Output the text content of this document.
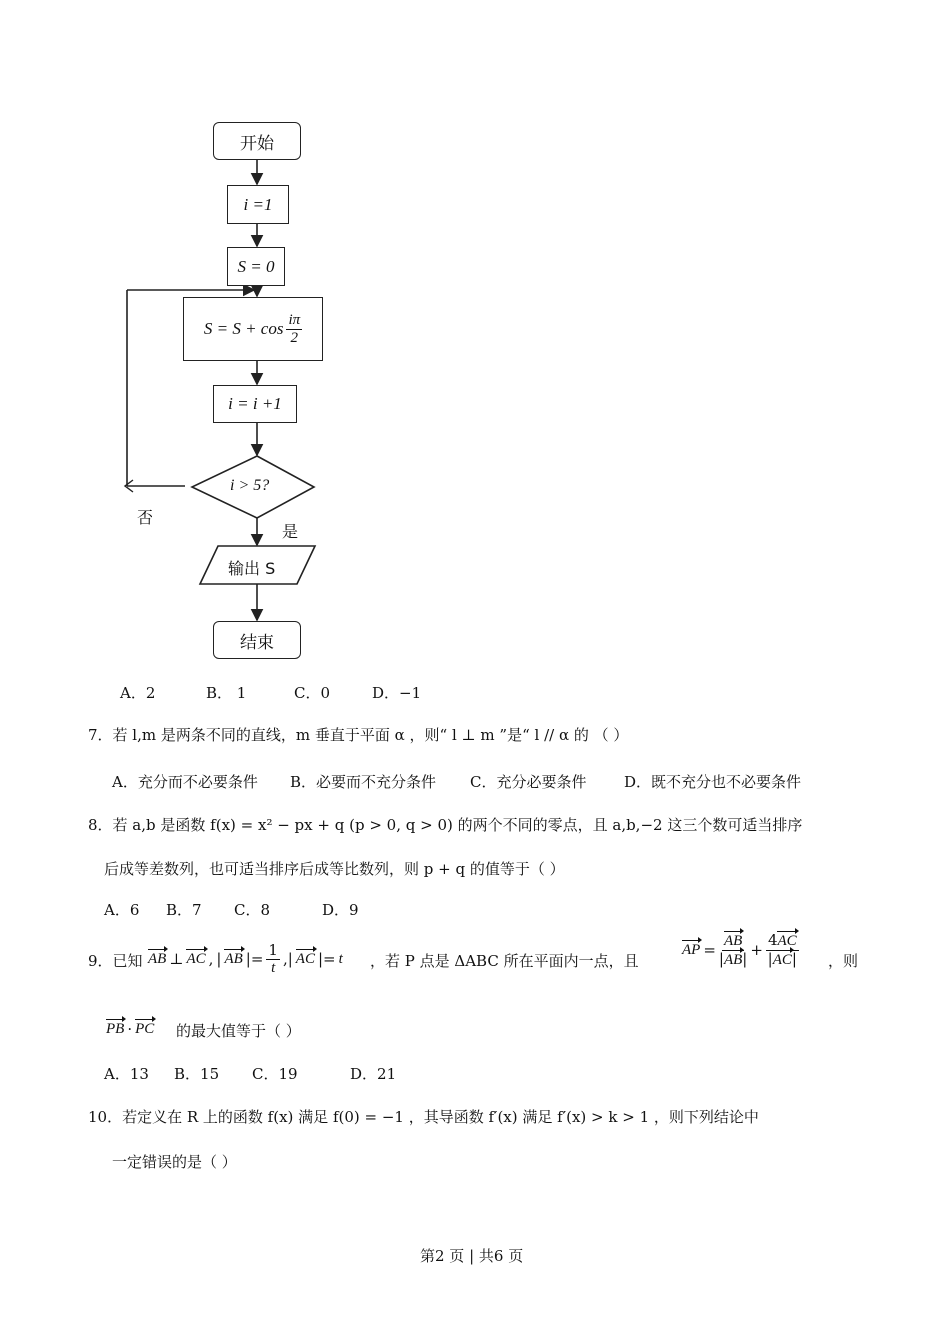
开始
i =1
S = 0
$S = S + \cos \frac{i\pi}{2}$
i = i +1
i > 5?
否
是
输出 S
结束
A．2	B． 1	C．0	D．−1
7．若 l,m 是两条不同的直线，m 垂直于平面 α ，则“ l ⊥ m ”是“ l // α 的 （ ）
A．充分而不必要条件 B．必要而不充分条件 C．充分必要条件	D．既不充分也不必要条件
8．若 a,b 是函数 f(x) = x² − px + q (p > 0, q > 0) 的两个不同的零点，且 a,b,−2 这三个数可适当排序
后成等差数列，也可适当排序后成等比数列，则 p + q 的值等于（ ）
A．6 B．7 C．8	D．9
9．已知 AB ⊥ AC , | AB |= $\frac{1}{t}$ ,| AC |= t ，若 P 点是 ΔABC 所在平面内一点，且
AP = $\frac{AB}{|AB|} + \frac{4AC}{|AC|}$ ，则
PB · PC 的最大值等于（ ）
A．13 B．15 C．19	D．21
10．若定义在 R 上的函数 f(x) 满足 f(0) = −1 ，其导函数 f′(x) 满足 f′(x) > k > 1 ，则下列结论中
一定错误的是（ ）
第2 页 | 共6 页
